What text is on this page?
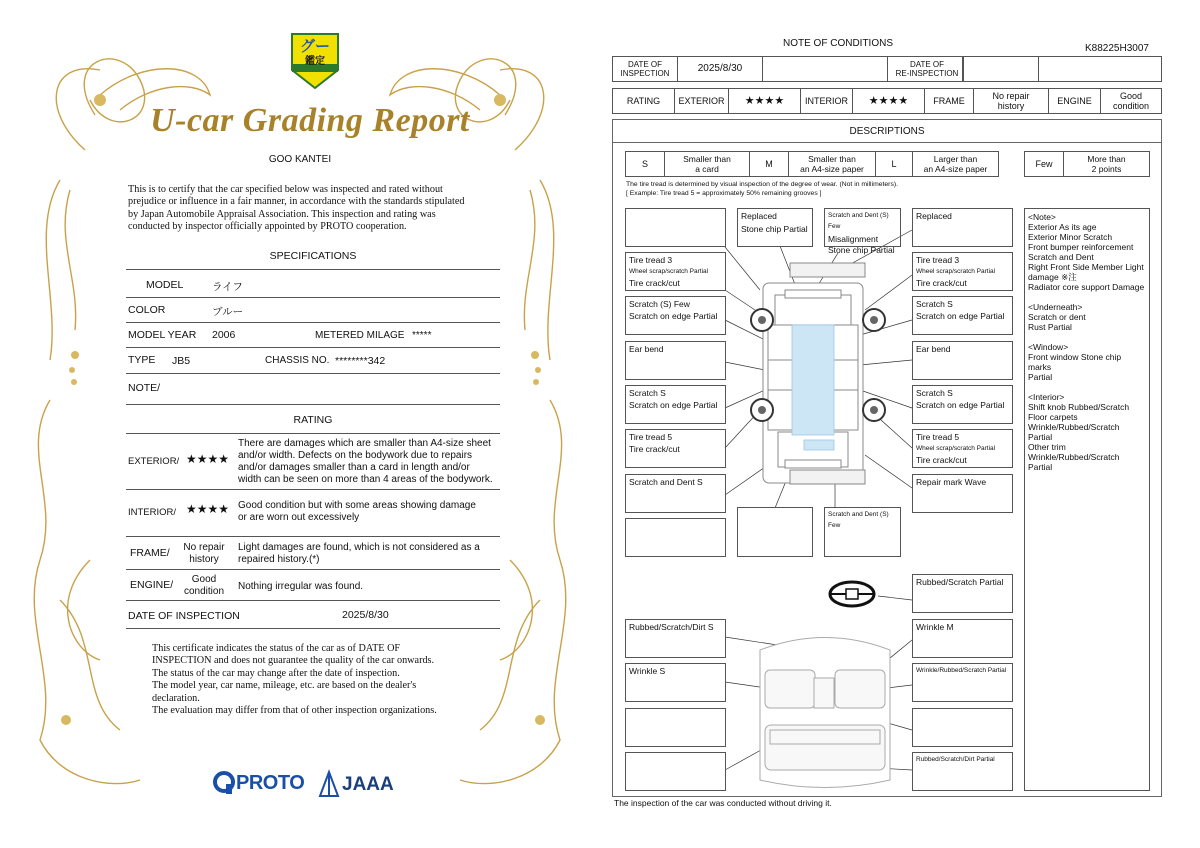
グー
鑑定
U-car Grading Report
GOO KANTEI
This is to certify that the car specified below was inspected and rated without
prejudice or influence in a fair manner, in accordance with the standards stipulated
by Japan Automobile Appraisal Association. This inspection and rating was
conducted by inspector officially appointed by PROTO cooperation.
SPECIFICATIONS
MODEL	ライフ
COLOR	ブルー
MODEL YEAR 2006	METERED MILAGE *****
TYPE JB5	CHASSIS NO. ********342
NOTE/
RATING
EXTERIOR/ ★★★★
There are damages which are smaller than A4-size sheet
and/or width. Defects on the bodywork due to repairs
and/or damages smaller than a card in length and/or
width can be seen on more than 4 areas of the bodywork.
INTERIOR/ ★★★★ Good condition but with some areas showing damage
or are worn out excessively
FRAME/	No repair
history
Light damages are found, which is not considered as a
repaired history.(*)
ENGINE/	Good
condition	Nothing irregular was found.
DATE OF INSPECTION	2025/8/30
This certificate indicates the status of the car as of DATE OF
INSPECTION and does not guarantee the quality of the car onwards.
The status of the car may change after the date of inspection.
The model year, car name, mileage, etc. are based on the dealer's
declaration.
The evaluation may differ from that of other inspection organizations.
PROTO JAAA
NOTE OF CONDITIONS	K88225H3007
DATE OF
INSPECTION	2025/8/30	DATE OF
RE-INSPECTION
RATING	EXTERIOR	★★★★	INTERIOR	★★★★	FRAME	No repair
history
ENGINE	Good
condition
DESCRIPTIONS
S	Smaller than
a card
M	Smaller than
an A4-size paper
L	Larger than
an A4-size paper
Few	More than
2 points
The tire tread is determined by visual inspection of the degree of wear. (Not in millimeters).
[ Example: Tire tread 5 = approximately 50% remaining grooves ]
Replaced
Stone chip Partial
Scratch and Dent (S) Few
Misalignment
Stone chip Partial
Replaced
Tire tread 3
Wheel scrap/scratch Partial
Tire crack/cut
Scratch (S) Few
Scratch on edge Partial
Ear bend
Scratch S
Scratch on edge Partial
Tire tread 5
Tire crack/cut
Scratch and Dent S
Scratch and Dent (S) Few
Tire tread 3
Wheel scrap/scratch Partial
Tire crack/cut
Scratch S
Scratch on edge Partial
Ear bend
Scratch S
Scratch on edge Partial
Tire tread 5
Wheel scrap/scratch Partial
Tire crack/cut
Repair mark Wave
Rubbed/Scratch Partial
Rubbed/Scratch/Dirt S
Wrinkle S
Wrinkle M
Wrinkle/Rubbed/Scratch Partial
Rubbed/Scratch/Dirt Partial
<Note>
Exterior As its age
Exterior Minor Scratch
Front bumper reinforcement
Scratch and Dent
Right Front Side Member Light
damage ※注
Radiator core support Damage
<Underneath>
Scratch or dent
Rust Partial
<Window>
Front window Stone chip marks
Partial
<Interior>
Shift knob Rubbed/Scratch
Floor carpets
Wrinkle/Rubbed/Scratch
Partial
Other trim
Wrinkle/Rubbed/Scratch
Partial
The inspection of the car was conducted without driving it.
